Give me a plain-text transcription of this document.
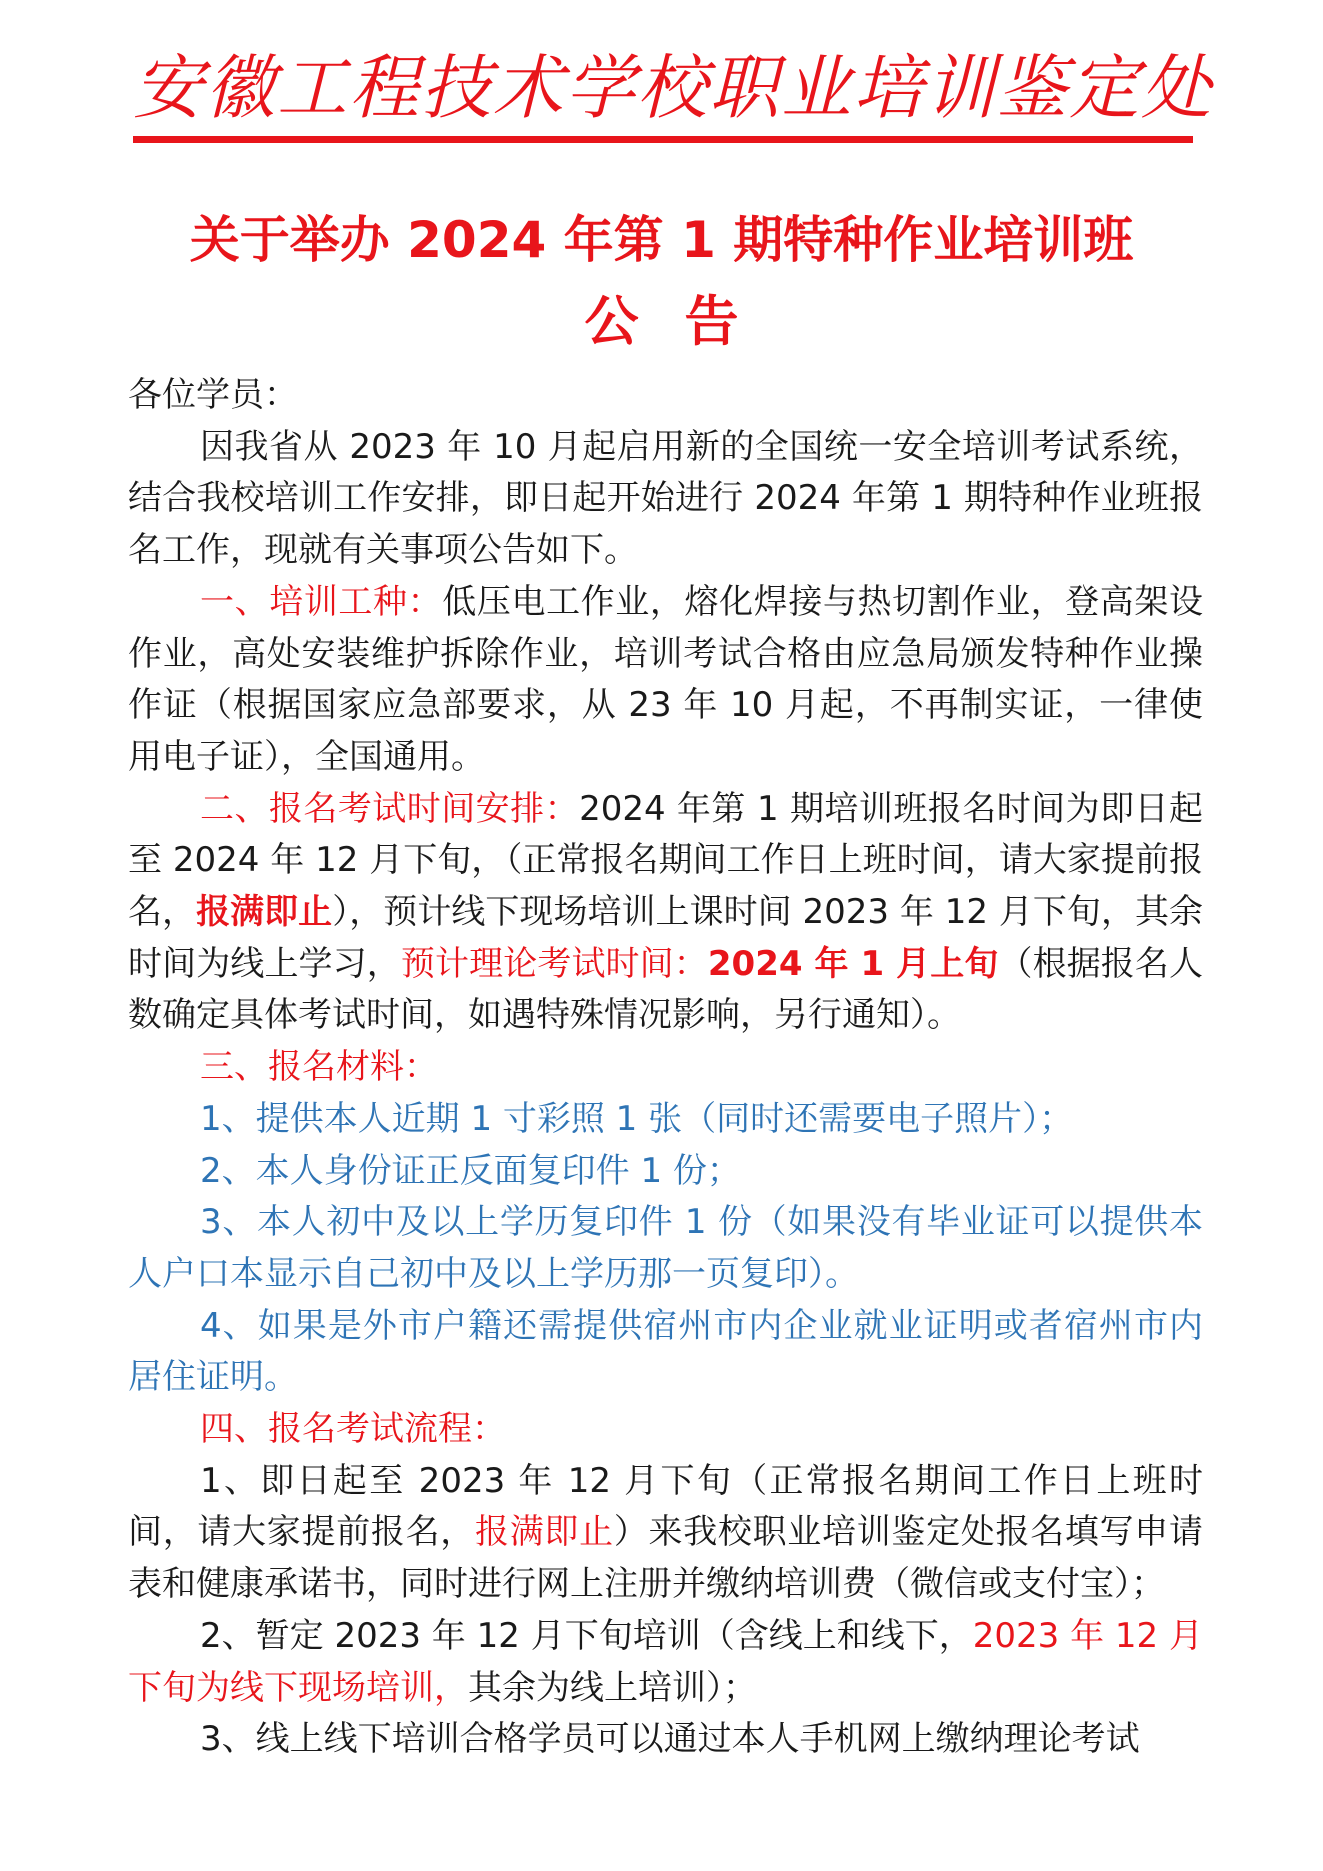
安徽工程技术学校职业培训鉴定处
关于举办 2024 年第 1 期特种作业培训班
公告

各位学员：

因我省从 2023 年 10 月起启用新的全国统一安全培训考试系统，结合我校培训工作安排，即日起开始进行 2024 年第 1 期特种作业班报名工作，现就有关事项公告如下。

一、培训工种：低压电工作业，熔化焊接与热切割作业，登高架设作业，高处安装维护拆除作业，培训考试合格由应急局颁发特种作业操作证（根据国家应急部要求，从 23 年 10 月起，不再制实证，一律使用电子证），全国通用。

二、报名考试时间安排：2024 年第 1 期培训班报名时间为即日起至 2024 年 12 月下旬，（正常报名期间工作日上班时间，请大家提前报名，报满即止），预计线下现场培训上课时间 2023 年 12 月下旬，其余时间为线上学习，预计理论考试时间：2024 年 1 月上旬（根据报名人数确定具体考试时间，如遇特殊情况影响，另行通知）。

三、报名材料：

1、提供本人近期 1 寸彩照 1 张（同时还需要电子照片）；

2、本人身份证正反面复印件 1 份；

3、本人初中及以上学历复印件 1 份（如果没有毕业证可以提供本人户口本显示自己初中及以上学历那一页复印）。

4、如果是外市户籍还需提供宿州市内企业就业证明或者宿州市内居住证明。

四、报名考试流程：

1、即日起至 2023 年 12 月下旬（正常报名期间工作日上班时间，请大家提前报名，报满即止）来我校职业培训鉴定处报名填写申请表和健康承诺书，同时进行网上注册并缴纳培训费（微信或支付宝）；

2、暂定 2023 年 12 月下旬培训（含线上和线下，2023 年 12 月下旬为线下现场培训，其余为线上培训）；

3、线上线下培训合格学员可以通过本人手机网上缴纳理论考试
